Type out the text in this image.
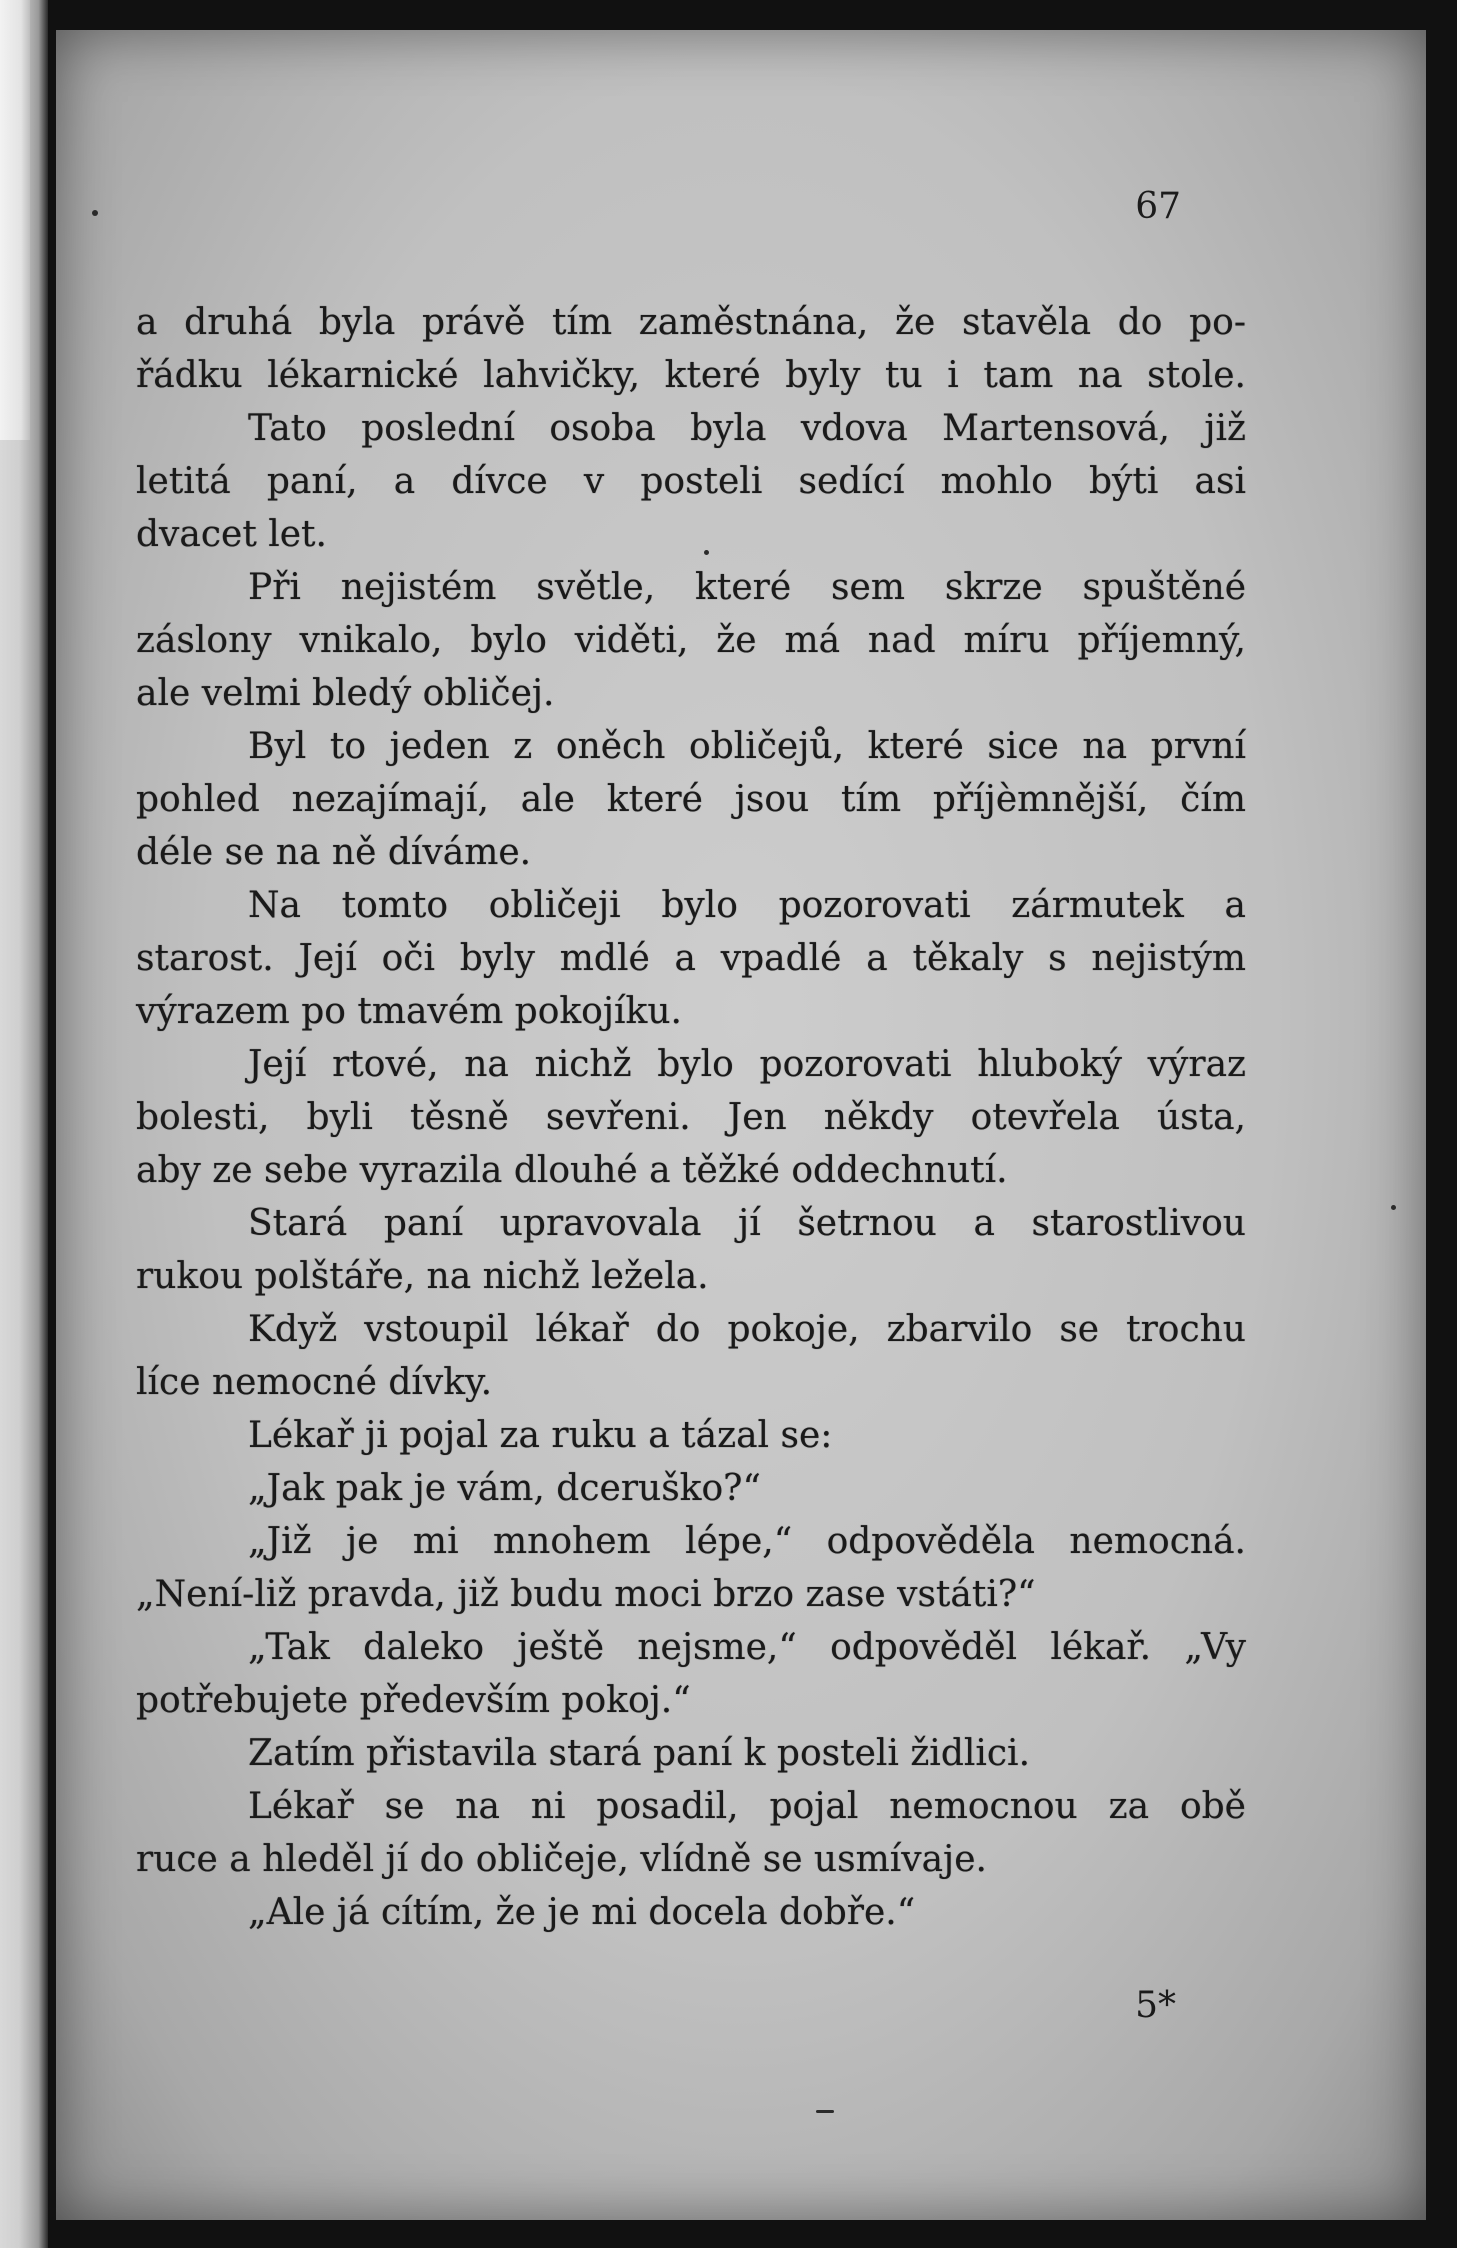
67
a druhá byla právě tím zaměstnána, že stavěla do po-
řádku lékarnické lahvičky, které byly tu i tam na stole.
Tato poslední osoba byla vdova Martensová, již
letitá paní, a dívce v posteli sedící mohlo býti asi
dvacet let.
Při nejistém světle, které sem skrze spuštěné
záslony vnikalo, bylo viděti, že má nad míru příjemný,
ale velmi bledý obličej.
Byl to jeden z oněch obličejů, které sice na první
pohled nezajímají, ale které jsou tím příjèmnější, čím
déle se na ně díváme.
Na tomto obličeji bylo pozorovati zármutek a
starost. Její oči byly mdlé a vpadlé a těkaly s nejistým
výrazem po tmavém pokojíku.
Její rtové, na nichž bylo pozorovati hluboký výraz
bolesti, byli těsně sevřeni. Jen někdy otevřela ústa,
aby ze sebe vyrazila dlouhé a těžké oddechnutí.
Stará paní upravovala jí šetrnou a starostlivou
rukou polštáře, na nichž ležela.
Když vstoupil lékař do pokoje, zbarvilo se trochu
líce nemocné dívky.
Lékař ji pojal za ruku a tázal se:
„Jak pak je vám, dceruško?“
„Již je mi mnohem lépe,“ odpověděla nemocná.
„Není-liž pravda, již budu moci brzo zase vstáti?“
„Tak daleko ještě nejsme,“ odpověděl lékař. „Vy
potřebujete především pokoj.“
Zatím přistavila stará paní k posteli židlici.
Lékař se na ni posadil, pojal nemocnou za obě
ruce a hleděl jí do obličeje, vlídně se usmívaje.
„Ale já cítím, že je mi docela dobře.“
5*
